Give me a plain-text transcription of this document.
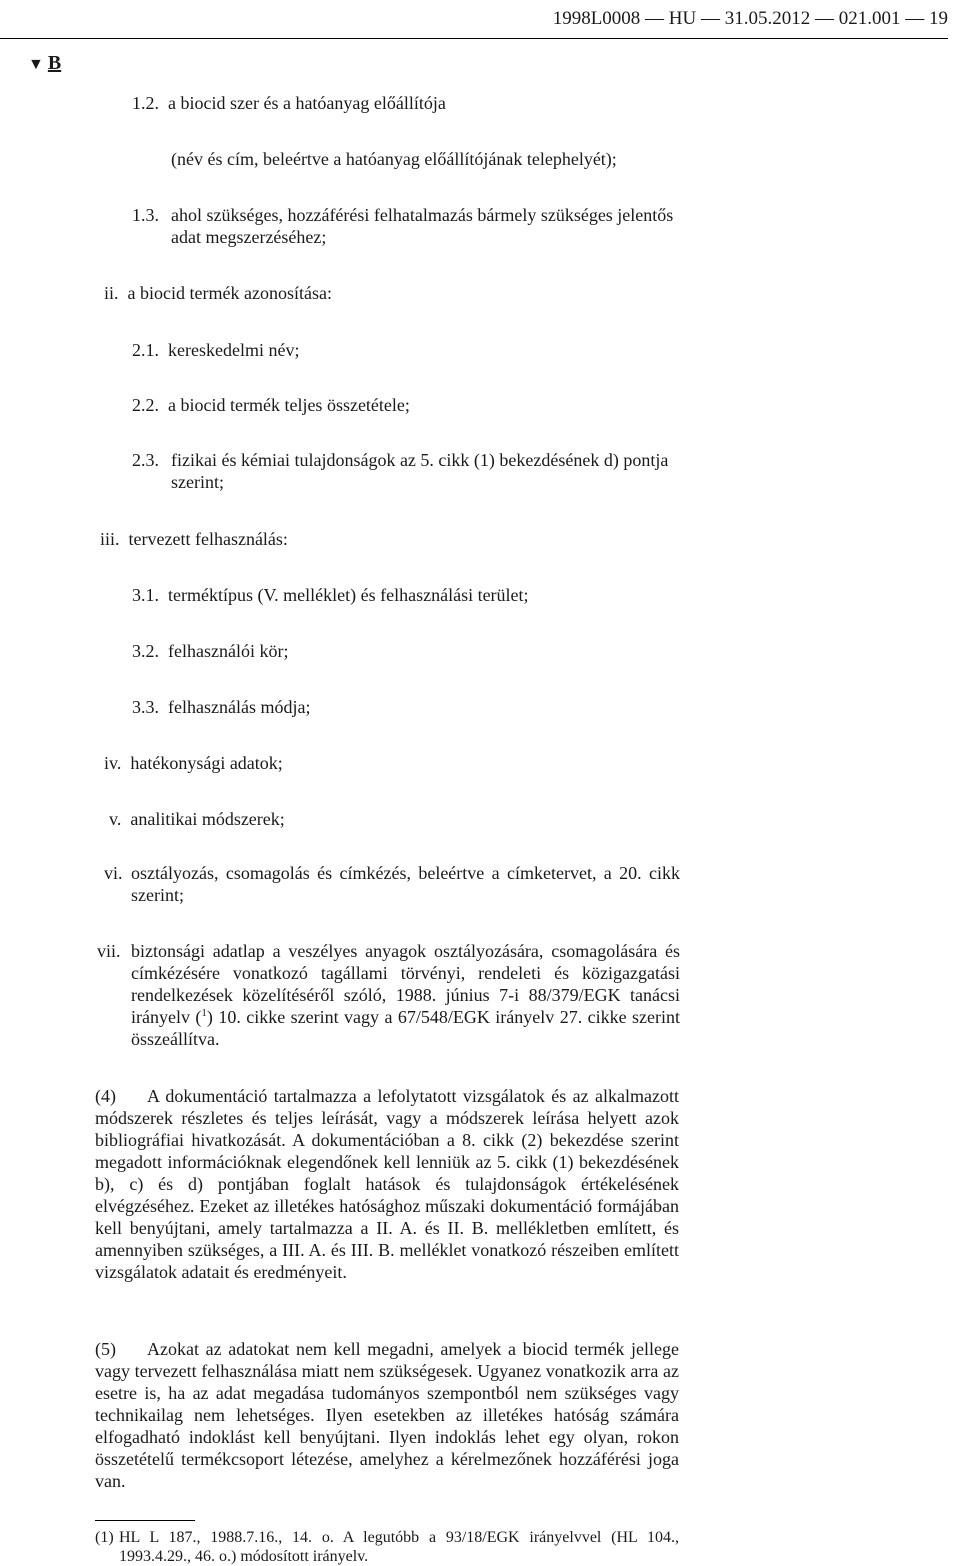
1998L0008 — HU — 31.05.2012 — 021.001 — 19
▼ B
1.2. a biocid szer és a hatóanyag előállítója
(név és cím, beleértve a hatóanyag előállítójának telephelyét);
1.3. ahol szükséges, hozzáférési felhatalmazás bármely szükséges jelentős adat megszerzéséhez;
ii. a biocid termék azonosítása:
2.1. kereskedelmi név;
2.2. a biocid termék teljes összetétele;
2.3. fizikai és kémiai tulajdonságok az 5. cikk (1) bekezdésének d) pontja szerint;
iii. tervezett felhasználás:
3.1. terméktípus (V. melléklet) és felhasználási terület;
3.2. felhasználói kör;
3.3. felhasználás módja;
iv. hatékonysági adatok;
v. analitikai módszerek;
vi. osztályozás, csomagolás és címkézés, beleértve a címketervet, a 20. cikk szerint;
vii. biztonsági adatlap a veszélyes anyagok osztályozására, csomagolására és címkézésére vonatkozó tagállami törvényi, rendeleti és közigazgatási rendelkezések közelítéséről szóló, 1988. június 7-i 88/379/EGK tanácsi irányelv ($^1$) 10. cikke szerint vagy a 67/548/EGK irányelv 27. cikke szerint összeállítva.
(4) A dokumentáció tartalmazza a lefolytatott vizsgálatok és az alkalmazott módszerek részletes és teljes leírását, vagy a módszerek leírása helyett azok bibliográfiai hivatkozását. A dokumentációban a 8. cikk (2) bekezdése szerint megadott információknak elegendőnek kell lenniük az 5. cikk (1) bekezdésének b), c) és d) pontjában foglalt hatások és tulajdonságok értékelésének elvégzéséhez. Ezeket az illetékes hatósághoz műszaki dokumentáció formájában kell benyújtani, amely tartalmazza a II. A. és II. B. mellékletben említett, és amennyiben szükséges, a III. A. és III. B. melléklet vonatkozó részeiben említett vizsgálatok adatait és eredményeit.
(5) Azokat az adatokat nem kell megadni, amelyek a biocid termék jellege vagy tervezett felhasználása miatt nem szükségesek. Ugyanez vonatkozik arra az esetre is, ha az adat megadása tudományos szempontból nem szükséges vagy technikailag nem lehetséges. Ilyen esetekben az illetékes hatóság számára elfogadható indoklást kell benyújtani. Ilyen indoklás lehet egy olyan, rokon összetételű termékcsoport létezése, amelyhez a kérelmezőnek hozzáférési joga van.
(1) HL L 187., 1988.7.16., 14. o. A legutóbb a 93/18/EGK irányelvvel (HL 104., 1993.4.29., 46. o.) módosított irányelv.
